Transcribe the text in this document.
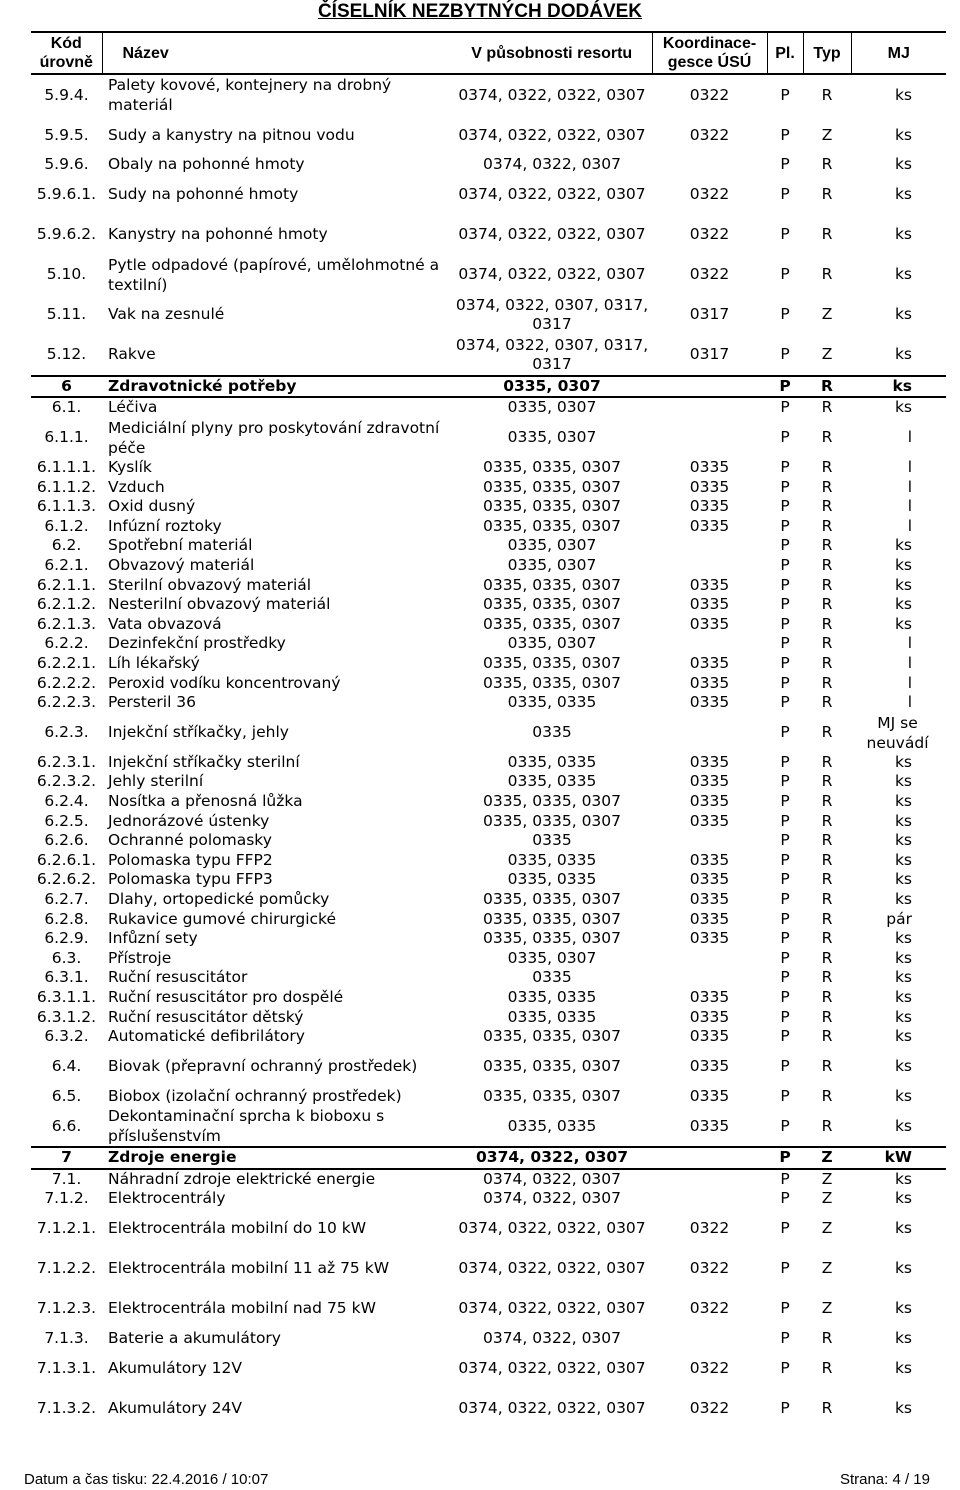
ČÍSELNÍK NEZBYTNÝCH DODÁVEK
Kód úrovně	Název	V působnosti resortu	Koordinace-gesce ÚSÚ	Pl.	Typ	MJ
5.9.4.	Palety kovové, kontejnery na drobný materiál	0374, 0322, 0322, 0307	0322	P	R	ks
5.9.5.	Sudy a kanystry na pitnou vodu	0374, 0322, 0322, 0307	0322	P	Z	ks
5.9.6.	Obaly na pohonné hmoty	0374, 0322, 0307		P	R	ks
5.9.6.1.	Sudy na pohonné hmoty	0374, 0322, 0322, 0307	0322	P	R	ks
5.9.6.2.	Kanystry na pohonné hmoty	0374, 0322, 0322, 0307	0322	P	R	ks
5.10.	Pytle odpadové (papírové, umělohmotné a textilní)	0374, 0322, 0322, 0307	0322	P	R	ks
5.11.	Vak na zesnulé	0374, 0322, 0307, 0317, 0317	0317	P	Z	ks
5.12.	Rakve	0374, 0322, 0307, 0317, 0317	0317	P	Z	ks
6	Zdravotnické potřeby	0335, 0307		P	R	ks
6.1.	Léčiva	0335, 0307		P	R	ks
6.1.1.	Mediciální plyny pro poskytování zdravotní péče	0335, 0307		P	R	l
6.1.1.1.	Kyslík	0335, 0335, 0307	0335	P	R	l
6.1.1.2.	Vzduch	0335, 0335, 0307	0335	P	R	l
6.1.1.3.	Oxid dusný	0335, 0335, 0307	0335	P	R	l
6.1.2.	Infúzní roztoky	0335, 0335, 0307	0335	P	R	l
6.2.	Spotřební materiál	0335, 0307		P	R	ks
6.2.1.	Obvazový materiál	0335, 0307		P	R	ks
6.2.1.1.	Sterilní obvazový materiál	0335, 0335, 0307	0335	P	R	ks
6.2.1.2.	Nesterilní obvazový materiál	0335, 0335, 0307	0335	P	R	ks
6.2.1.3.	Vata obvazová	0335, 0335, 0307	0335	P	R	ks
6.2.2.	Dezinfekční prostředky	0335, 0307		P	R	l
6.2.2.1.	Líh lékařský	0335, 0335, 0307	0335	P	R	l
6.2.2.2.	Peroxid vodíku koncentrovaný	0335, 0335, 0307	0335	P	R	l
6.2.2.3.	Persteril 36	0335, 0335	0335	P	R	l
6.2.3.	Injekční stříkačky, jehly	0335		P	R	MJ se neuvádí
6.2.3.1.	Injekční stříkačky sterilní	0335, 0335	0335	P	R	ks
6.2.3.2.	Jehly sterilní	0335, 0335	0335	P	R	ks
6.2.4.	Nosítka a přenosná lůžka	0335, 0335, 0307	0335	P	R	ks
6.2.5.	Jednorázové ústenky	0335, 0335, 0307	0335	P	R	ks
6.2.6.	Ochranné polomasky	0335		P	R	ks
6.2.6.1.	Polomaska typu FFP2	0335, 0335	0335	P	R	ks
6.2.6.2.	Polomaska typu FFP3	0335, 0335	0335	P	R	ks
6.2.7.	Dlahy, ortopedické pomůcky	0335, 0335, 0307	0335	P	R	ks
6.2.8.	Rukavice gumové chirurgické	0335, 0335, 0307	0335	P	R	pár
6.2.9.	Infůzní sety	0335, 0335, 0307	0335	P	R	ks
6.3.	Přístroje	0335, 0307		P	R	ks
6.3.1.	Ruční resuscitátor	0335		P	R	ks
6.3.1.1.	Ruční resuscitátor pro dospělé	0335, 0335	0335	P	R	ks
6.3.1.2.	Ruční resuscitátor dětský	0335, 0335	0335	P	R	ks
6.3.2.	Automatické defibrilátory	0335, 0335, 0307	0335	P	R	ks
6.4.	Biovak (přepravní ochranný prostředek)	0335, 0335, 0307	0335	P	R	ks
6.5.	Biobox (izolační ochranný prostředek)	0335, 0335, 0307	0335	P	R	ks
6.6.	Dekontaminační sprcha k bioboxu s příslušenstvím	0335, 0335	0335	P	R	ks
7	Zdroje energie	0374, 0322, 0307		P	Z	kW
7.1.	Náhradní zdroje elektrické energie	0374, 0322, 0307		P	Z	ks
7.1.2.	Elektrocentrály	0374, 0322, 0307		P	Z	ks
7.1.2.1.	Elektrocentrála mobilní do 10 kW	0374, 0322, 0322, 0307	0322	P	Z	ks
7.1.2.2.	Elektrocentrála mobilní 11 až 75 kW	0374, 0322, 0322, 0307	0322	P	Z	ks
7.1.2.3.	Elektrocentrála mobilní nad 75 kW	0374, 0322, 0322, 0307	0322	P	Z	ks
7.1.3.	Baterie a akumulátory	0374, 0322, 0307		P	R	ks
7.1.3.1.	Akumulátory 12V	0374, 0322, 0322, 0307	0322	P	R	ks
7.1.3.2.	Akumulátory 24V	0374, 0322, 0322, 0307	0322	P	R	ks
Datum a čas tisku: 22.4.2016 / 10:07	Strana: 4 / 19
